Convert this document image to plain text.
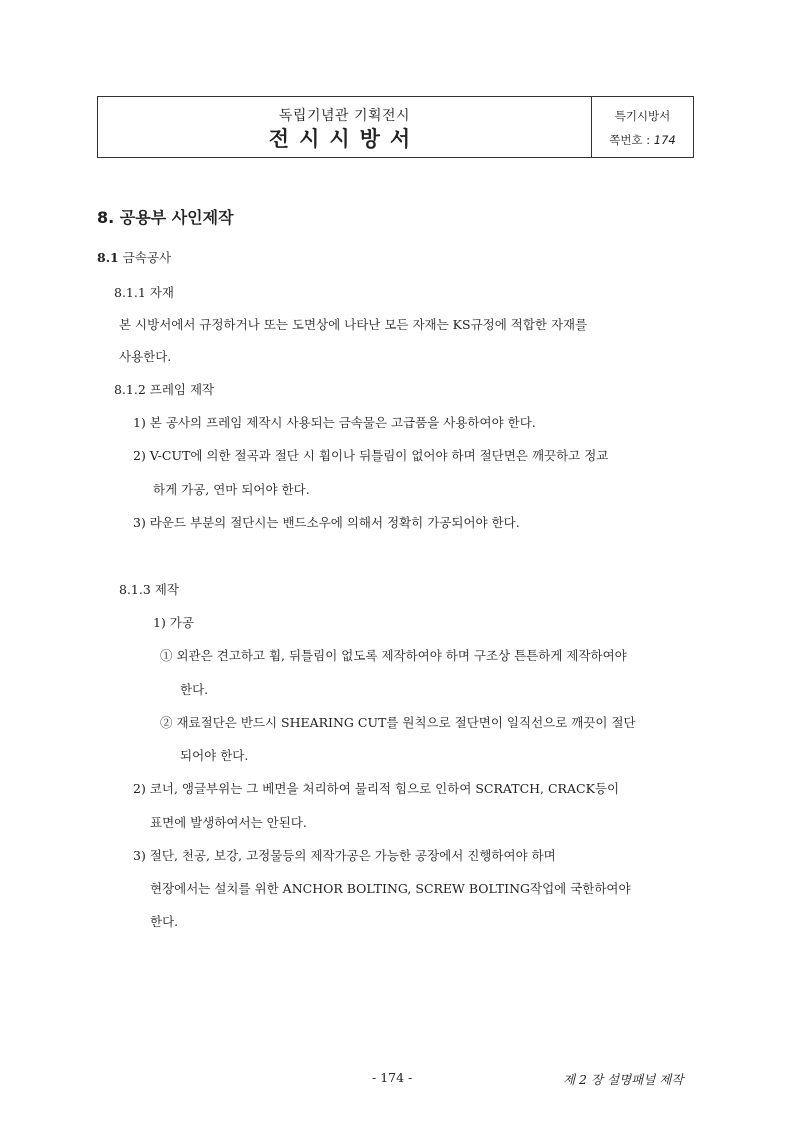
독립기념관 기획전시
전시시방서
특기시방서
쪽번호 : 174
8. 공용부 사인제작
8.1 금속공사
8.1.1 자재
본 시방서에서 규정하거나 또는 도면상에 나타난 모든 자재는 KS규정에 적합한 자재를
사용한다.
8.1.2 프레임 제작
1) 본 공사의 프레임 제작시 사용되는 금속물은 고급품을 사용하여야 한다.
2) V-CUT에 의한 절곡과 절단 시 휨이나 뒤틀림이 없어야 하며 절단면은 깨끗하고 정교
하게 가공, 연마 되어야 한다.
3) 라운드 부분의 절단시는 밴드소우에 의해서 정확히 가공되어야 한다.
8.1.3 제작
1) 가공
① 외관은 견고하고 휨, 뒤틀림이 없도록 제작하여야 하며 구조상 튼튼하게 제작하여야
한다.
② 재료절단은 반드시 SHEARING CUT를 원칙으로 절단면이 일직선으로 깨끗이 절단
되어야 한다.
2) 코너, 앵글부위는 그 베면을 처리하여 물리적 힘으로 인하여 SCRATCH, CRACK등이
표면에 발생하여서는 안된다.
3) 절단, 천공, 보강, 고정물등의 제작가공은 가능한 공장에서 진행하여야 하며
현장에서는 설치를 위한 ANCHOR BOLTING, SCREW BOLTING작업에 국한하여야
한다.
- 174 -	제 2 장 설명패널 제작
